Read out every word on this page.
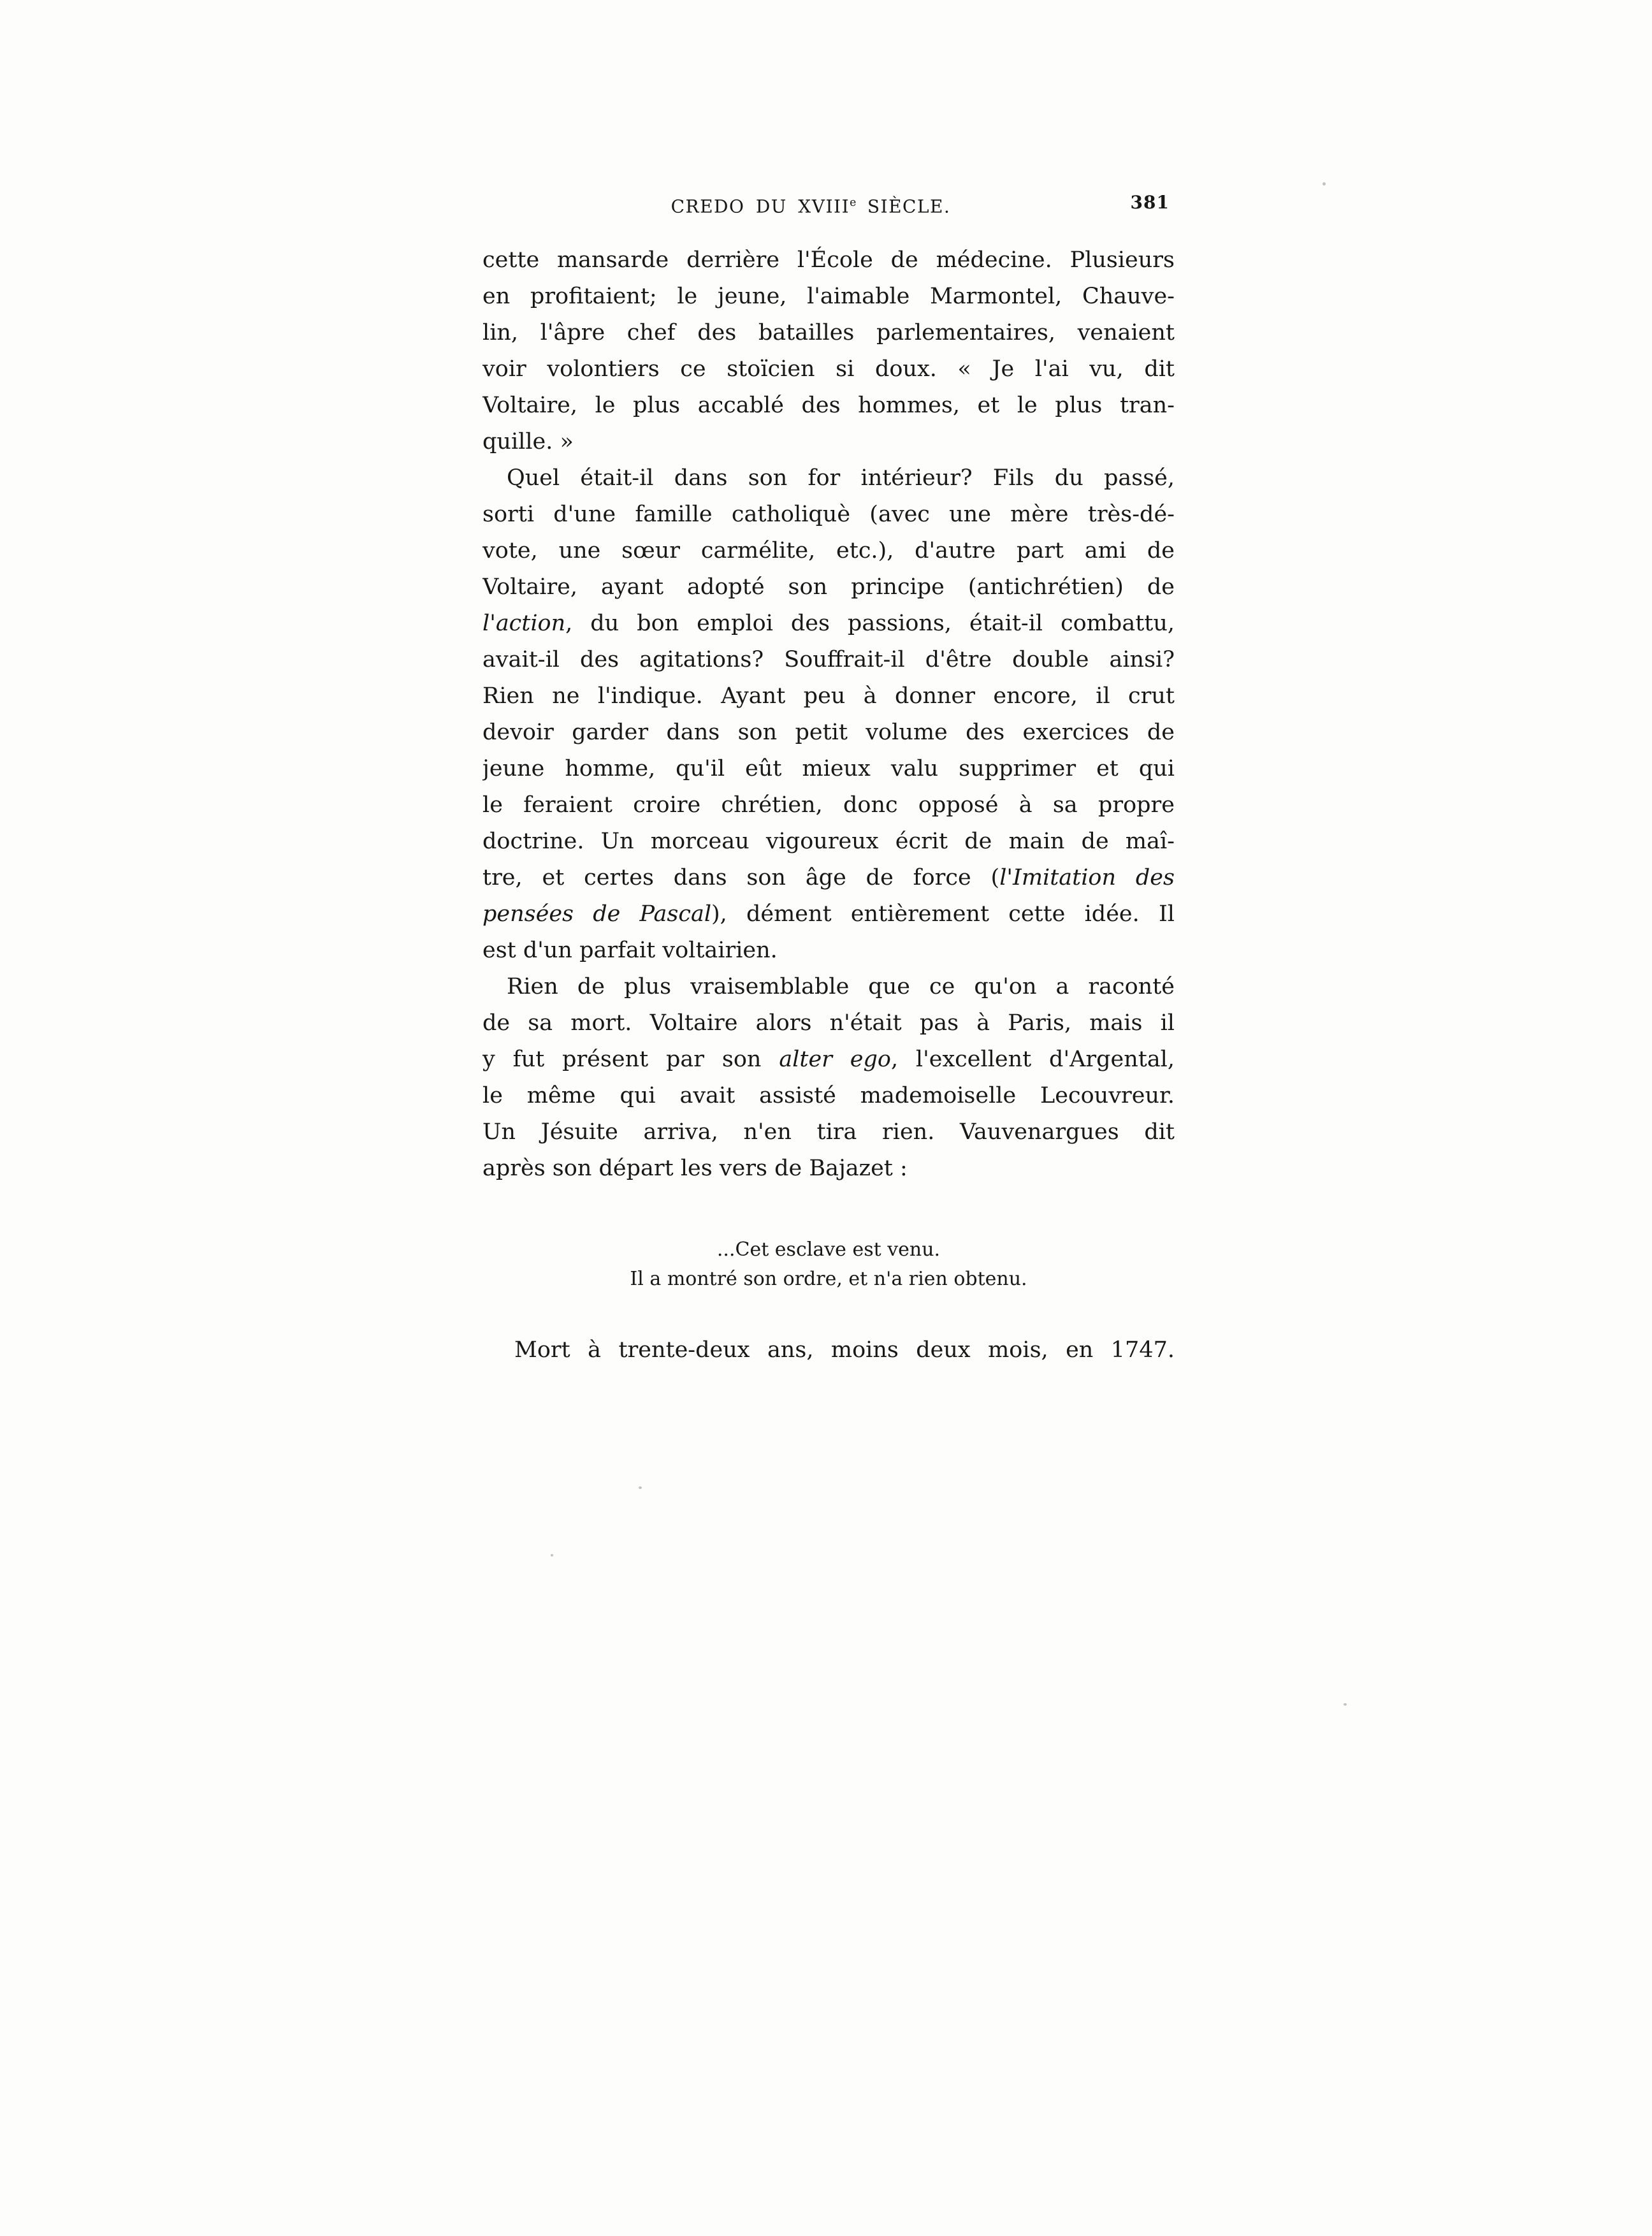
CREDO DU XVIIIe SIÈCLE.	381
cette mansarde derrière l'École de médecine. Plusieurs
en profitaient; le jeune, l'aimable Marmontel, Chauve-
lin, l'âpre chef des batailles parlementaires, venaient
voir volontiers ce stoïcien si doux. « Je l'ai vu, dit
Voltaire, le plus accablé des hommes, et le plus tran-
quille. »
Quel était-il dans son for intérieur? Fils du passé,
sorti d'une famille catholiquè (avec une mère très-dé-
vote, une sœur carmélite, etc.), d'autre part ami de
Voltaire, ayant adopté son principe (antichrétien) de
l'action, du bon emploi des passions, était-il combattu,
avait-il des agitations? Souffrait-il d'être double ainsi?
Rien ne l'indique. Ayant peu à donner encore, il crut
devoir garder dans son petit volume des exercices de
jeune homme, qu'il eût mieux valu supprimer et qui
le feraient croire chrétien, donc opposé à sa propre
doctrine. Un morceau vigoureux écrit de main de maî-
tre, et certes dans son âge de force (l'Imitation des
pensées de Pascal), dément entièrement cette idée. Il
est d'un parfait voltairien.
Rien de plus vraisemblable que ce qu'on a raconté
de sa mort. Voltaire alors n'était pas à Paris, mais il
y fut présent par son alter ego, l'excellent d'Argental,
le même qui avait assisté mademoiselle Lecouvreur.
Un Jésuite arriva, n'en tira rien. Vauvenargues dit
après son départ les vers de Bajazet :
...Cet esclave est venu.
Il a montré son ordre, et n'a rien obtenu.
Mort à trente-deux ans, moins deux mois, en 1747.
